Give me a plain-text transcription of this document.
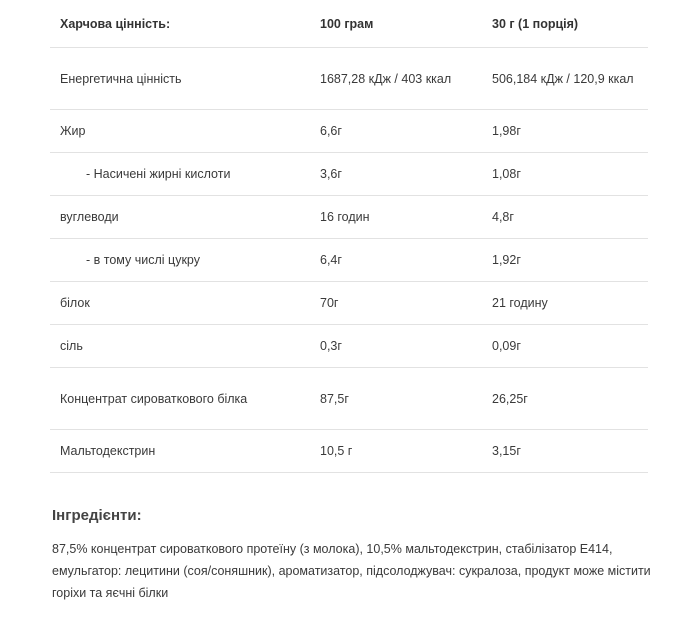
Харчова цінність:	100 грам	30 г (1 порція)
Енергетична цінність	1687,28 кДж / 403 ккал	506,184 кДж / 120,9 ккал
Жир	6,6г	1,98г
- Насичені жирні кислоти	3,6г	1,08г
вуглеводи	16 годин	4,8г
- в тому числі цукру	6,4г	1,92г
білок	70г	21 годину
сіль	0,3г	0,09г
Концентрат сироваткового білка	87,5г	26,25г
Мальтодекстрин	10,5 г	3,15г
Інгредієнти:
87,5% концентрат сироваткового протеїну (з молока), 10,5% мальтодекстрин, стабілізатор Е414, емульгатор: лецитини (соя/соняшник), ароматизатор, підсолоджувач: сукралоза, продукт може містити горіхи та яєчні білки
